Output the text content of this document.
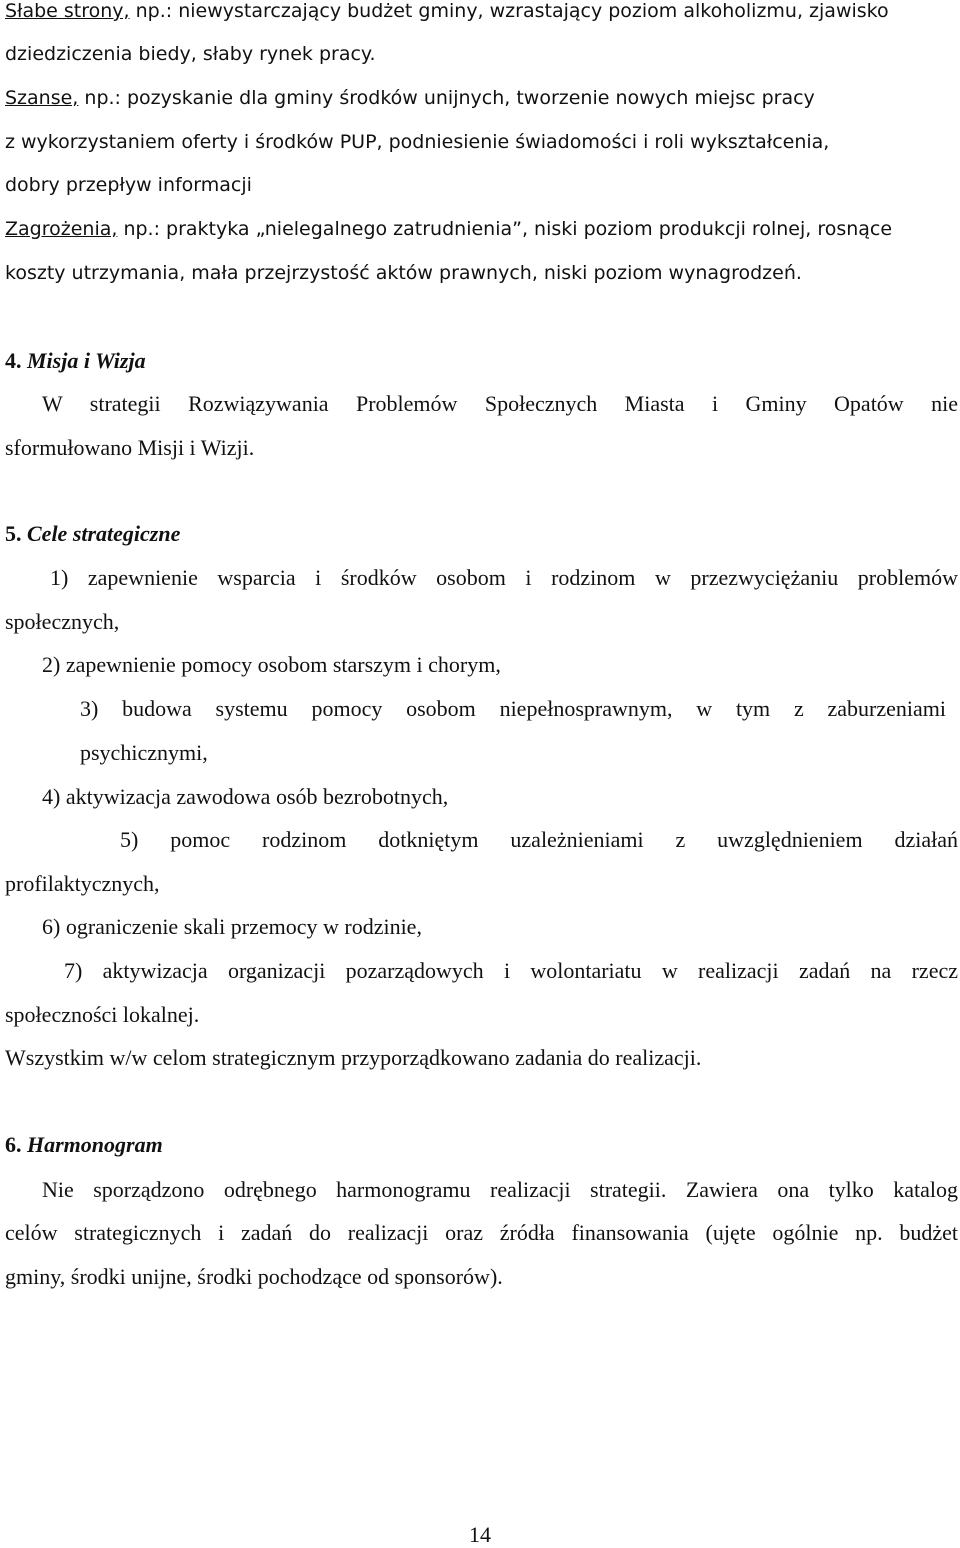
Słabe strony, np.: niewystarczający budżet gminy, wzrastający poziom alkoholizmu, zjawisko
dziedziczenia biedy, słaby rynek pracy.
Szanse, np.: pozyskanie dla gminy środków unijnych, tworzenie nowych miejsc pracy
z wykorzystaniem oferty i środków PUP, podniesienie świadomości i roli wykształcenia,
dobry przepływ informacji
Zagrożenia, np.: praktyka „nielegalnego zatrudnienia”, niski poziom produkcji rolnej, rosnące
koszty utrzymania, mała przejrzystość aktów prawnych, niski poziom wynagrodzeń.
4. Misja i Wizja
W strategii Rozwiązywania Problemów Społecznych Miasta i Gminy Opatów nie
sformułowano Misji i Wizji.
5. Cele strategiczne
1) zapewnienie wsparcia i środków osobom i rodzinom w przezwyciężaniu problemów
społecznych,
2) zapewnienie pomocy osobom starszym i chorym,
3) budowa systemu pomocy osobom niepełnosprawnym, w tym z zaburzeniami
psychicznymi,
4) aktywizacja zawodowa osób bezrobotnych,
5) pomoc rodzinom dotkniętym uzależnieniami z uwzględnieniem działań
profilaktycznych,
6) ograniczenie skali przemocy w rodzinie,
7) aktywizacja organizacji pozarządowych i wolontariatu w realizacji zadań na rzecz
społeczności lokalnej.
Wszystkim w/w celom strategicznym przyporządkowano zadania do realizacji.
6. Harmonogram
Nie sporządzono odrębnego harmonogramu realizacji strategii. Zawiera ona tylko katalog
celów strategicznych i zadań do realizacji oraz źródła finansowania (ujęte ogólnie np. budżet
gminy, środki unijne, środki pochodzące od sponsorów).
14
